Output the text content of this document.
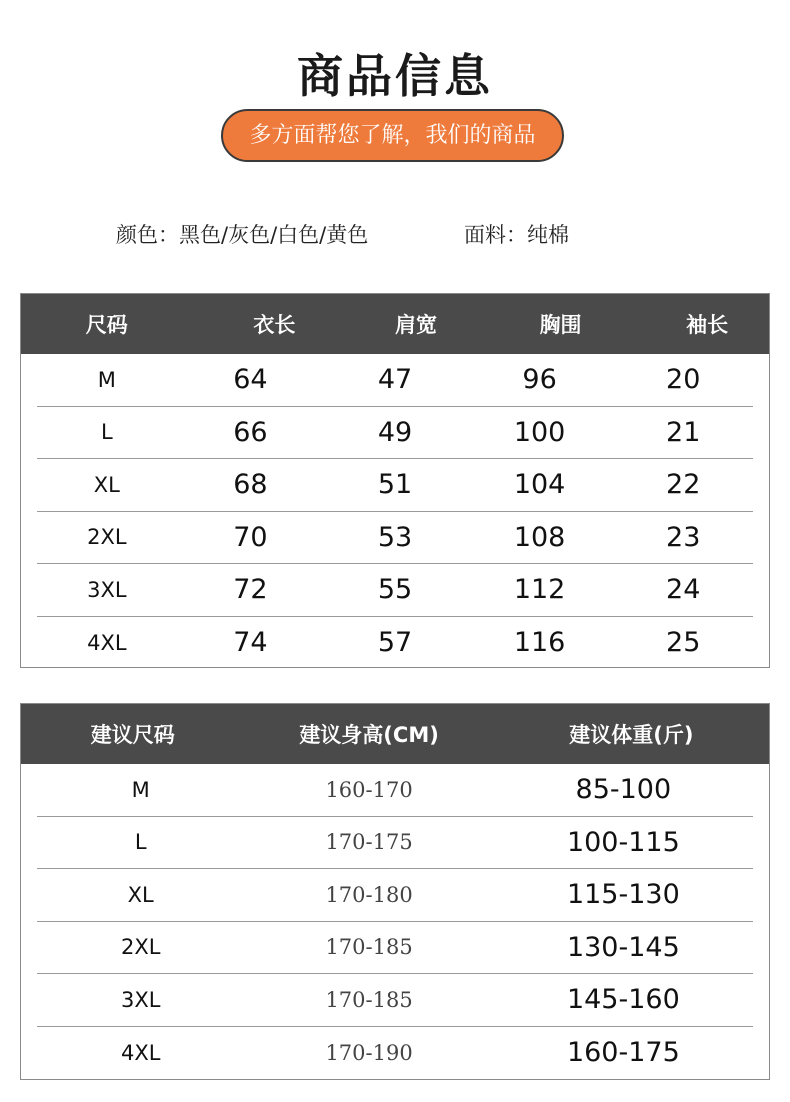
商品信息
多方面帮您了解，我们的商品
颜色：黑色/灰色/白色/黄色	面料：纯棉
尺码	衣长	肩宽	胸围	袖长
M	64	47	96	20
L	66	49	100	21
XL	68	51	104	22
2XL	70	53	108	23
3XL	72	55	112	24
4XL	74	57	116	25
建议尺码	建议身高(CM)	建议体重(斤)
M	160-170	85-100
L	170-175	100-115
XL	170-180	115-130
2XL	170-185	130-145
3XL	170-185	145-160
4XL	170-190	160-175
